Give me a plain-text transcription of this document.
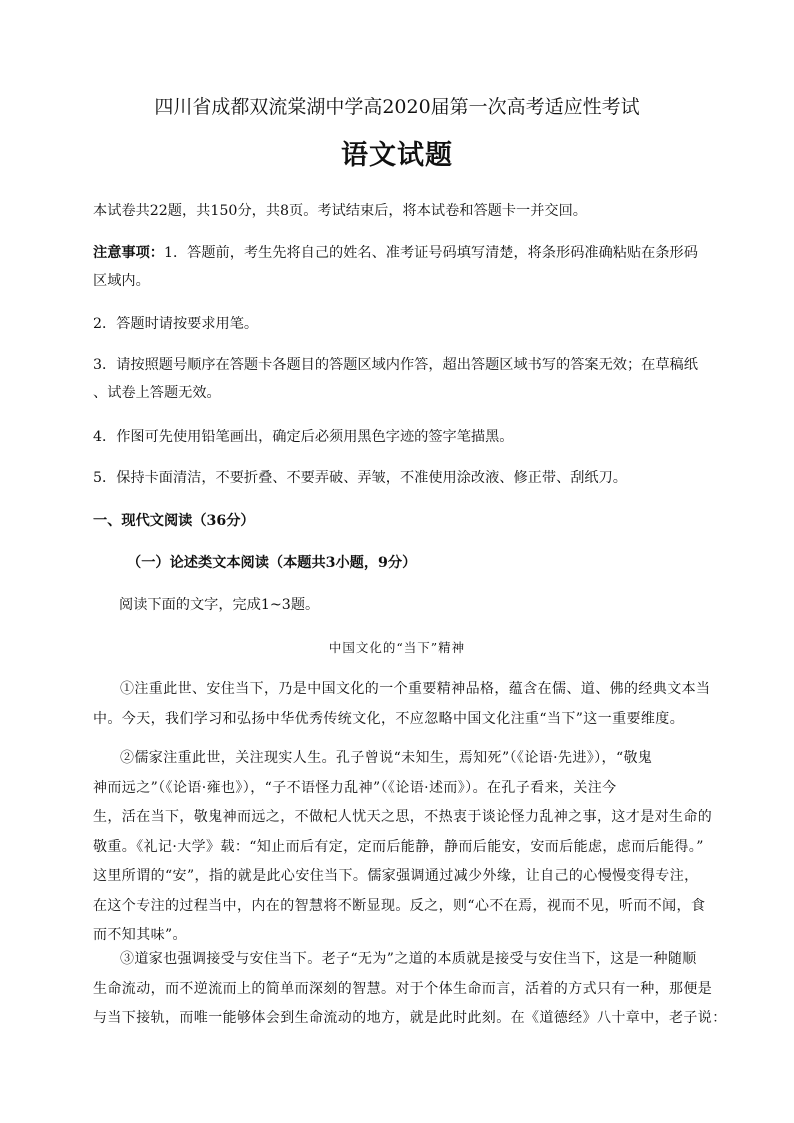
四川省成都双流棠湖中学高2020届第一次高考适应性考试
语文试题
本试卷共22题，共150分，共8页。考试结束后，将本试卷和答题卡一并交回。
注意事项：1．答题前，考生先将自己的姓名、准考证号码填写清楚，将条形码准确粘贴在条形码
区域内。
2．答题时请按要求用笔。
3．请按照题号顺序在答题卡各题目的答题区域内作答，超出答题区域书写的答案无效；在草稿纸
、试卷上答题无效。
4．作图可先使用铅笔画出，确定后必须用黑色字迹的签字笔描黑。
5．保持卡面清洁，不要折叠、不要弄破、弄皱，不准使用涂改液、修正带、刮纸刀。
一、现代文阅读（36分）
（一）论述类文本阅读（本题共3小题，9分）
阅读下面的文字，完成1~3题。
中国文化的“当下”精神
①注重此世、安住当下，乃是中国文化的一个重要精神品格，蕴含在儒、道、佛的经典文本当
中。今天，我们学习和弘扬中华优秀传统文化，不应忽略中国文化注重“当下”这一重要维度。
②儒家注重此世，关注现实人生。孔子曾说“未知生，焉知死”（《论语·先进》），“敬鬼
神而远之”（《论语·雍也》），“子不语怪力乱神”（《论语·述而》）。在孔子看来，关注今
生，活在当下，敬鬼神而远之，不做杞人忧天之思，不热衷于谈论怪力乱神之事，这才是对生命的
敬重。《礼记·大学》载：“知止而后有定，定而后能静，静而后能安，安而后能虑，虑而后能得。”
这里所谓的“安”，指的就是此心安住当下。儒家强调通过减少外缘，让自己的心慢慢变得专注，
在这个专注的过程当中，内在的智慧将不断显现。反之，则“心不在焉，视而不见，听而不闻，食
而不知其味”。
③道家也强调接受与安住当下。老子“无为”之道的本质就是接受与安住当下，这是一种随顺
生命流动，而不逆流而上的简单而深刻的智慧。对于个体生命而言，活着的方式只有一种，那便是
与当下接轨，而唯一能够体会到生命流动的地方，就是此时此刻。在《道德经》八十章中，老子说：
